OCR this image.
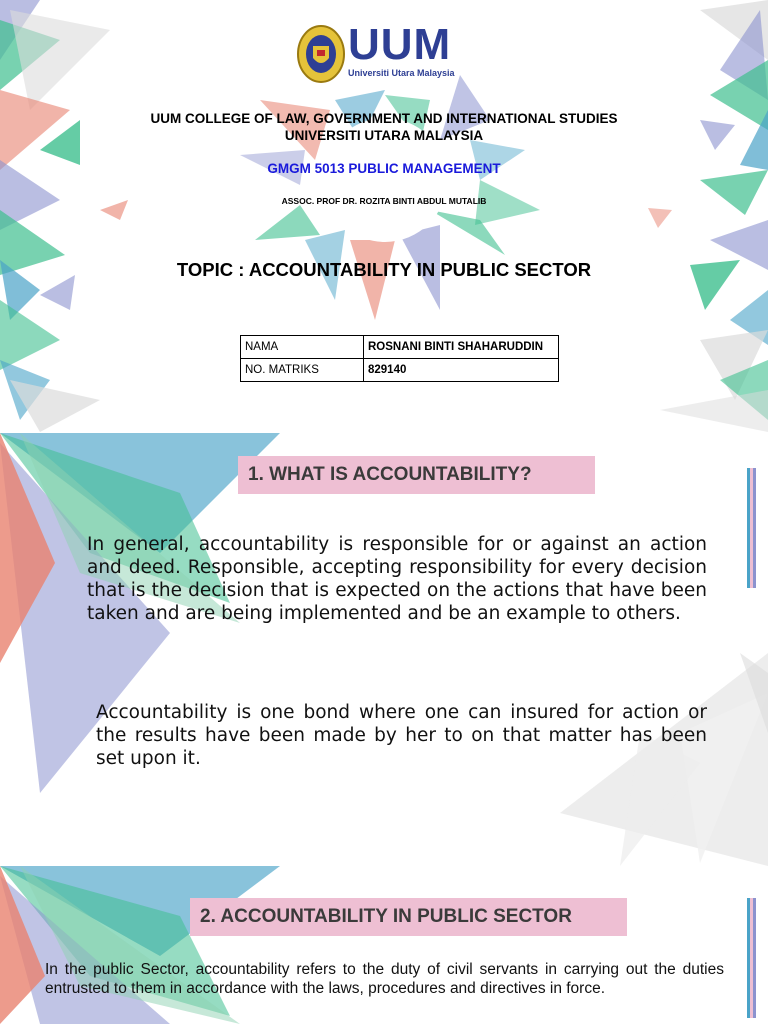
UUM
Universiti Utara Malaysia
UUM COLLEGE OF LAW, GOVERNMENT AND INTERNATIONAL STUDIES
UNIVERSITI UTARA MALAYSIA
GMGM 5013 PUBLIC MANAGEMENT
ASSOC. PROF DR. ROZITA BINTI ABDUL MUTALIB
TOPIC : ACCOUNTABILITY IN PUBLIC SECTOR
NAMA	ROSNANI BINTI SHAHARUDDIN
NO. MATRIKS	829140
1. WHAT IS ACCOUNTABILITY?
In general, accountability is responsible for or against an action and deed. Responsible, accepting responsibility for every decision that is the decision that is expected on the actions that have been taken and are being implemented and be an example to others.
Accountability is one bond where one can insured for action or the results have been made by her to on that matter has been set upon it.
2. ACCOUNTABILITY IN PUBLIC SECTOR
In the public Sector, accountability refers to the duty of civil servants in carrying out the duties entrusted to them in accordance with the laws, procedures and directives in force.
